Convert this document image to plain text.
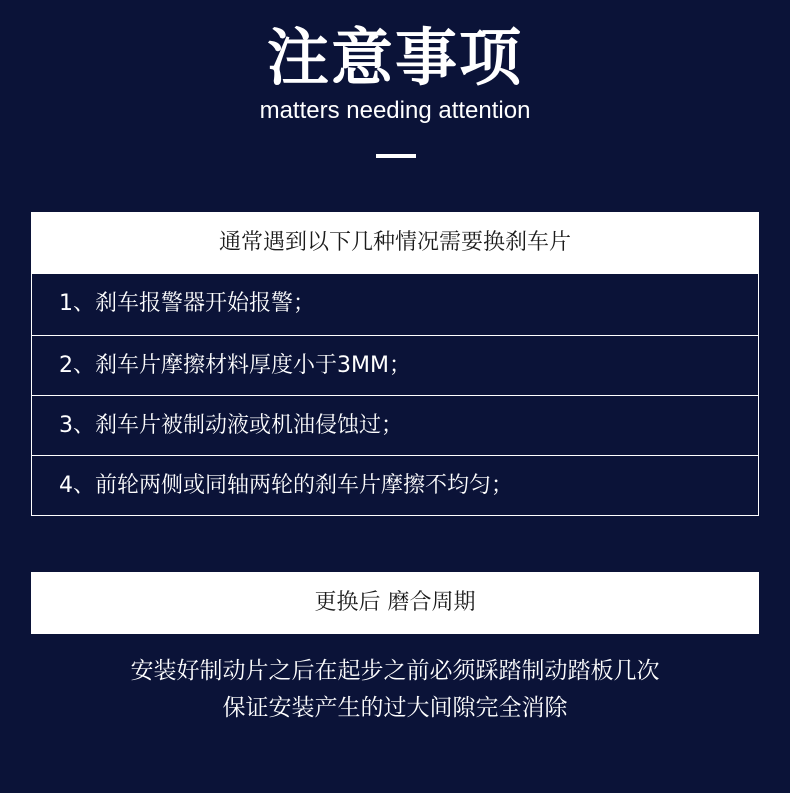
注意事项
matters needing attention
通常遇到以下几种情况需要换刹车片
1、刹车报警器开始报警；
2、刹车片摩擦材料厚度小于3MM；
3、刹车片被制动液或机油侵蚀过；
4、前轮两侧或同轴两轮的刹车片摩擦不均匀；
更换后 磨合周期
安装好制动片之后在起步之前必须踩踏制动踏板几次
保证安装产生的过大间隙完全消除
